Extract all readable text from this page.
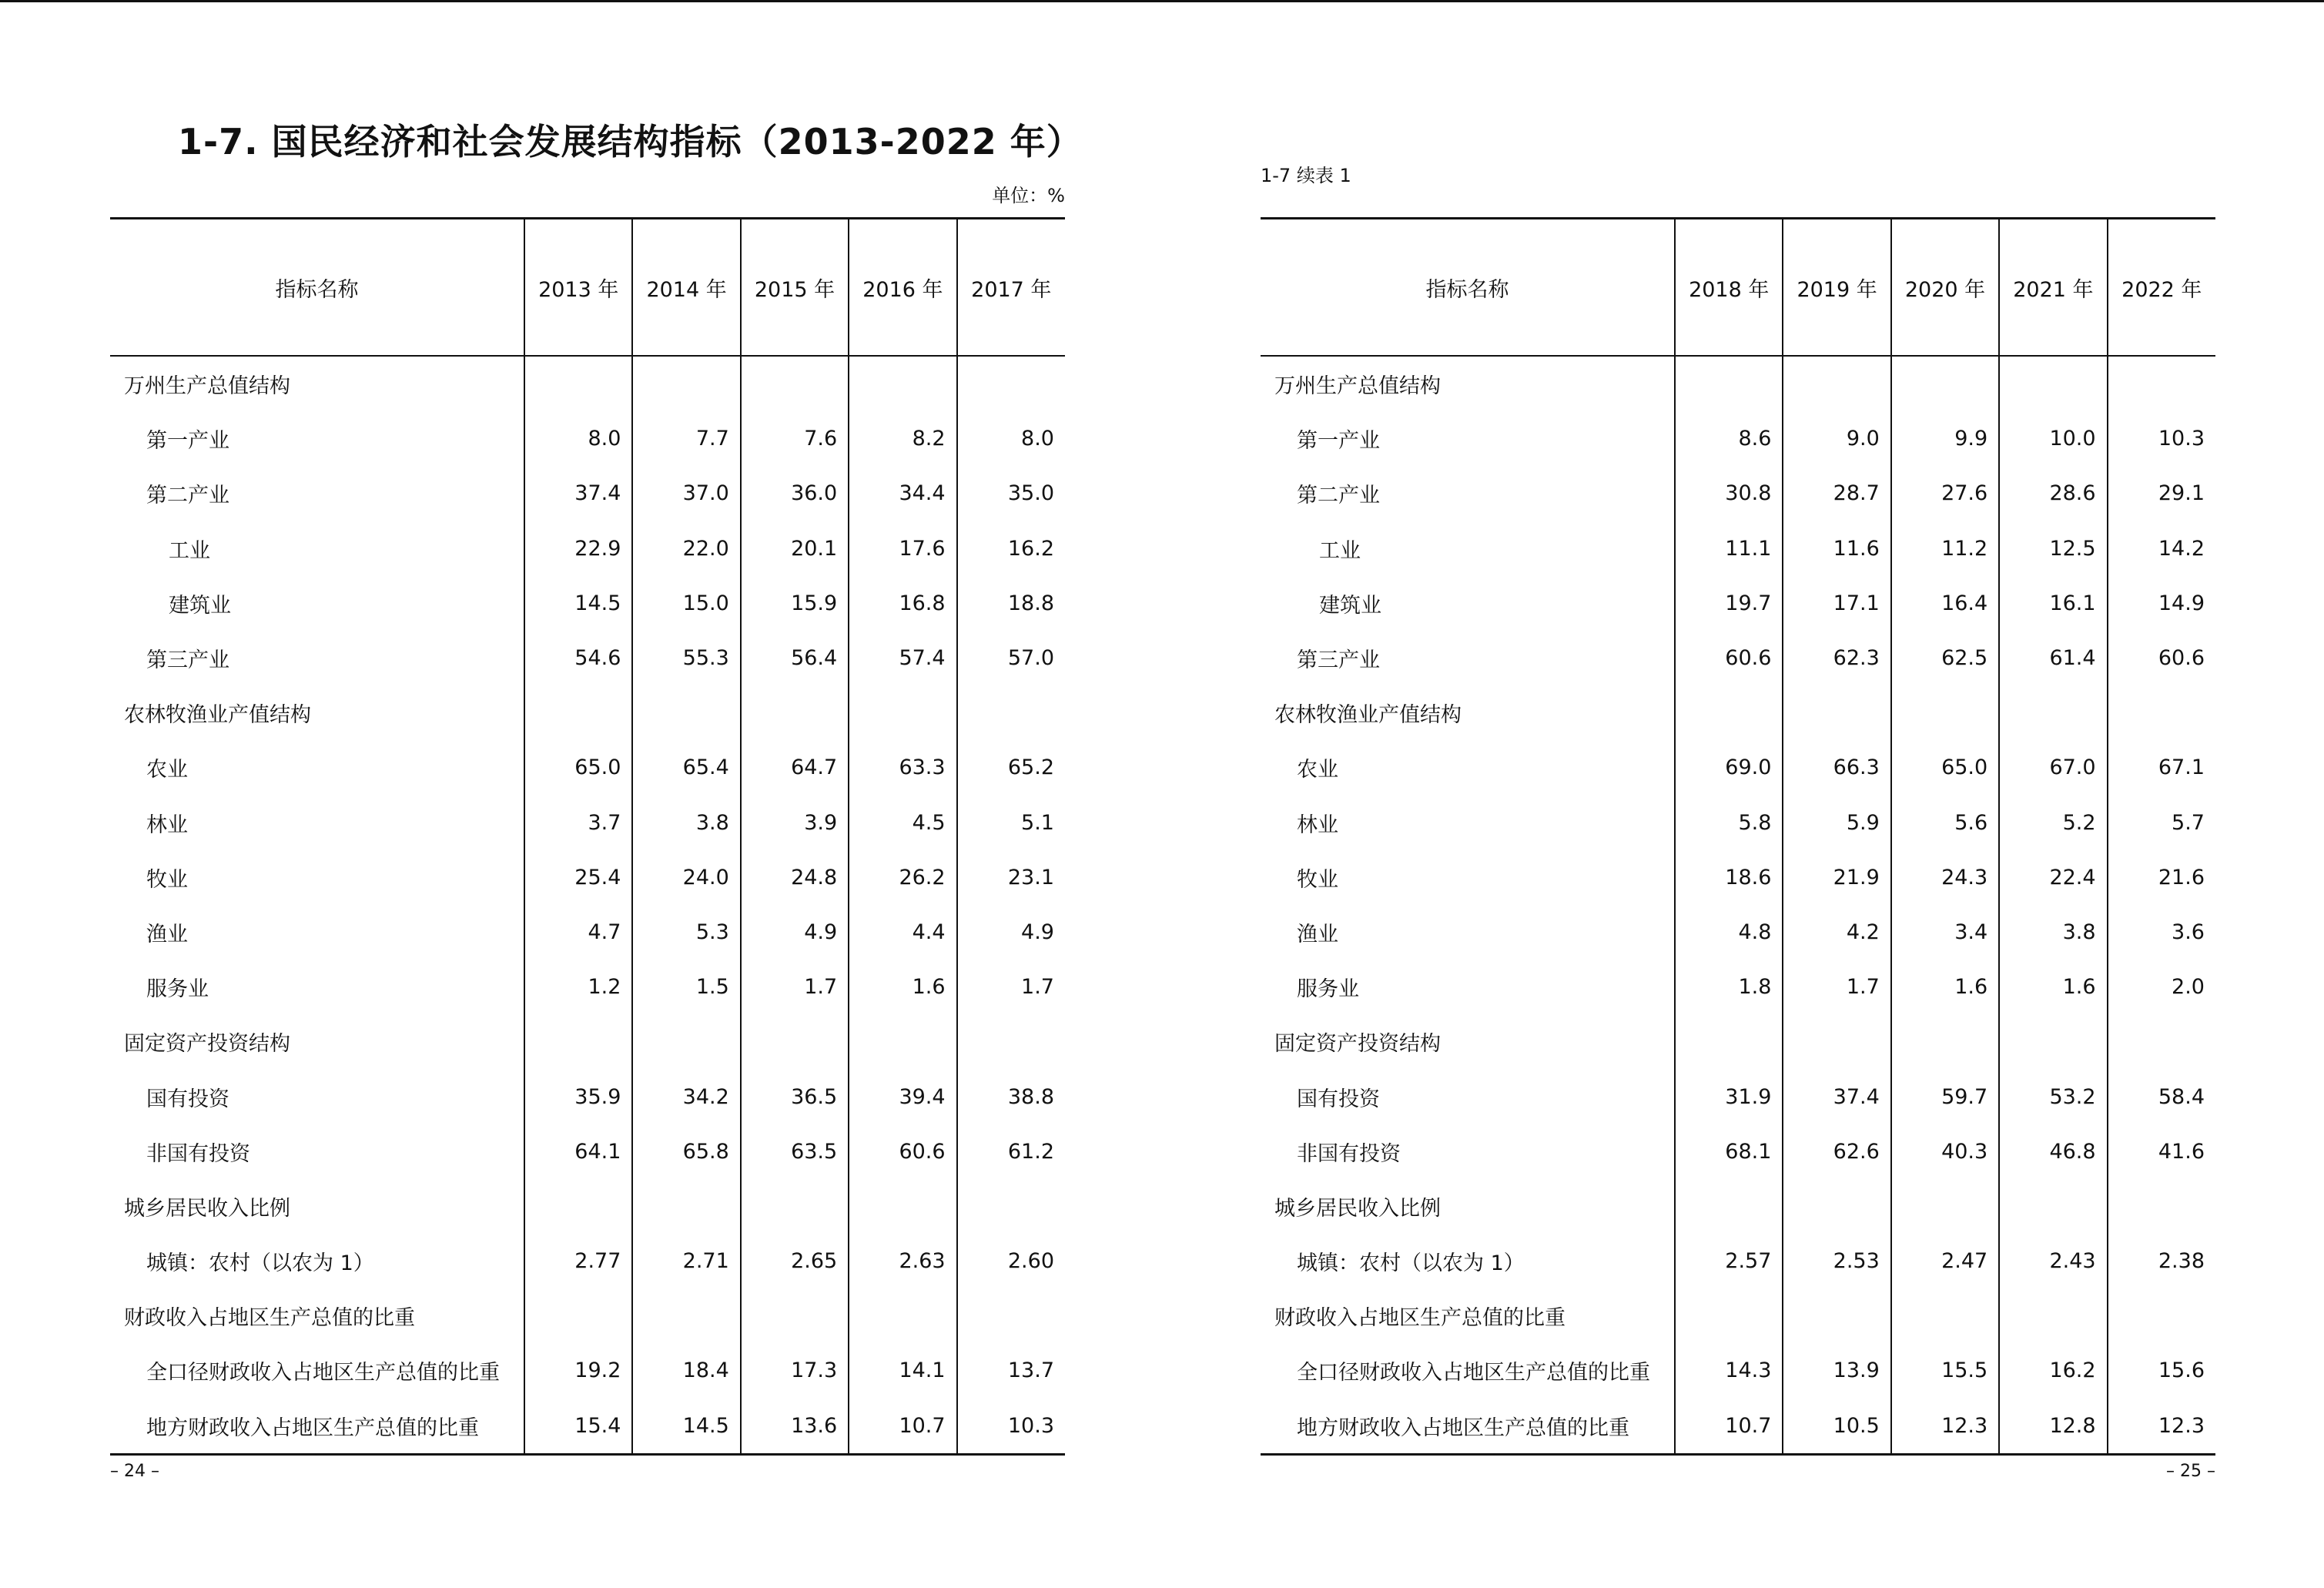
1-7. 国民经济和社会发展结构指标（2013-2022 年）
单位：%
指标名称	2013 年	2014 年	2015 年	2016 年	2017 年
万州生产总值结构					
第一产业	8.0	7.7	7.6	8.2	8.0
第二产业	37.4	37.0	36.0	34.4	35.0
工业	22.9	22.0	20.1	17.6	16.2
建筑业	14.5	15.0	15.9	16.8	18.8
第三产业	54.6	55.3	56.4	57.4	57.0
农林牧渔业产值结构					
农业	65.0	65.4	64.7	63.3	65.2
林业	3.7	3.8	3.9	4.5	5.1
牧业	25.4	24.0	24.8	26.2	23.1
渔业	4.7	5.3	4.9	4.4	4.9
服务业	1.2	1.5	1.7	1.6	1.7
固定资产投资结构					
国有投资	35.9	34.2	36.5	39.4	38.8
非国有投资	64.1	65.8	63.5	60.6	61.2
城乡居民收入比例					
城镇：农村（以农为 1）	2.77	2.71	2.65	2.63	2.60
财政收入占地区生产总值的比重					
全口径财政收入占地区生产总值的比重	19.2	18.4	17.3	14.1	13.7
地方财政收入占地区生产总值的比重	15.4	14.5	13.6	10.7	10.3
– 24 –
1-7 续表 1
指标名称	2018 年	2019 年	2020 年	2021 年	2022 年
万州生产总值结构					
第一产业	8.6	9.0	9.9	10.0	10.3
第二产业	30.8	28.7	27.6	28.6	29.1
工业	11.1	11.6	11.2	12.5	14.2
建筑业	19.7	17.1	16.4	16.1	14.9
第三产业	60.6	62.3	62.5	61.4	60.6
农林牧渔业产值结构					
农业	69.0	66.3	65.0	67.0	67.1
林业	5.8	5.9	5.6	5.2	5.7
牧业	18.6	21.9	24.3	22.4	21.6
渔业	4.8	4.2	3.4	3.8	3.6
服务业	1.8	1.7	1.6	1.6	2.0
固定资产投资结构					
国有投资	31.9	37.4	59.7	53.2	58.4
非国有投资	68.1	62.6	40.3	46.8	41.6
城乡居民收入比例					
城镇：农村（以农为 1）	2.57	2.53	2.47	2.43	2.38
财政收入占地区生产总值的比重					
全口径财政收入占地区生产总值的比重	14.3	13.9	15.5	16.2	15.6
地方财政收入占地区生产总值的比重	10.7	10.5	12.3	12.8	12.3
– 25 –
